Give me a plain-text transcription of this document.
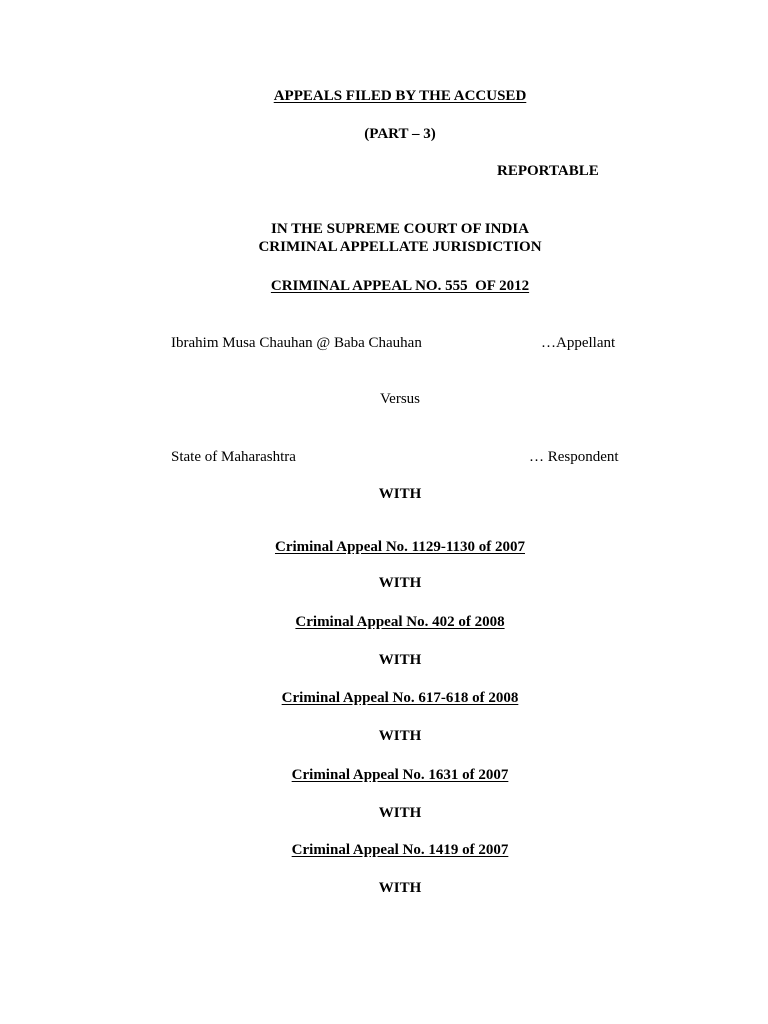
APPEALS FILED BY THE ACCUSED
(PART – 3)
REPORTABLE
IN THE SUPREME COURT OF INDIA
CRIMINAL APPELLATE JURISDICTION
CRIMINAL APPEAL NO. 555  OF 2012
Ibrahim Musa Chauhan @ Baba Chauhan	…Appellant
Versus
State of Maharashtra	… Respondent
WITH
Criminal Appeal No. 1129-1130 of 2007
WITH
Criminal Appeal No. 402 of 2008
WITH
Criminal Appeal No. 617-618 of 2008
WITH
Criminal Appeal No. 1631 of 2007
WITH
Criminal Appeal No. 1419 of 2007
WITH
